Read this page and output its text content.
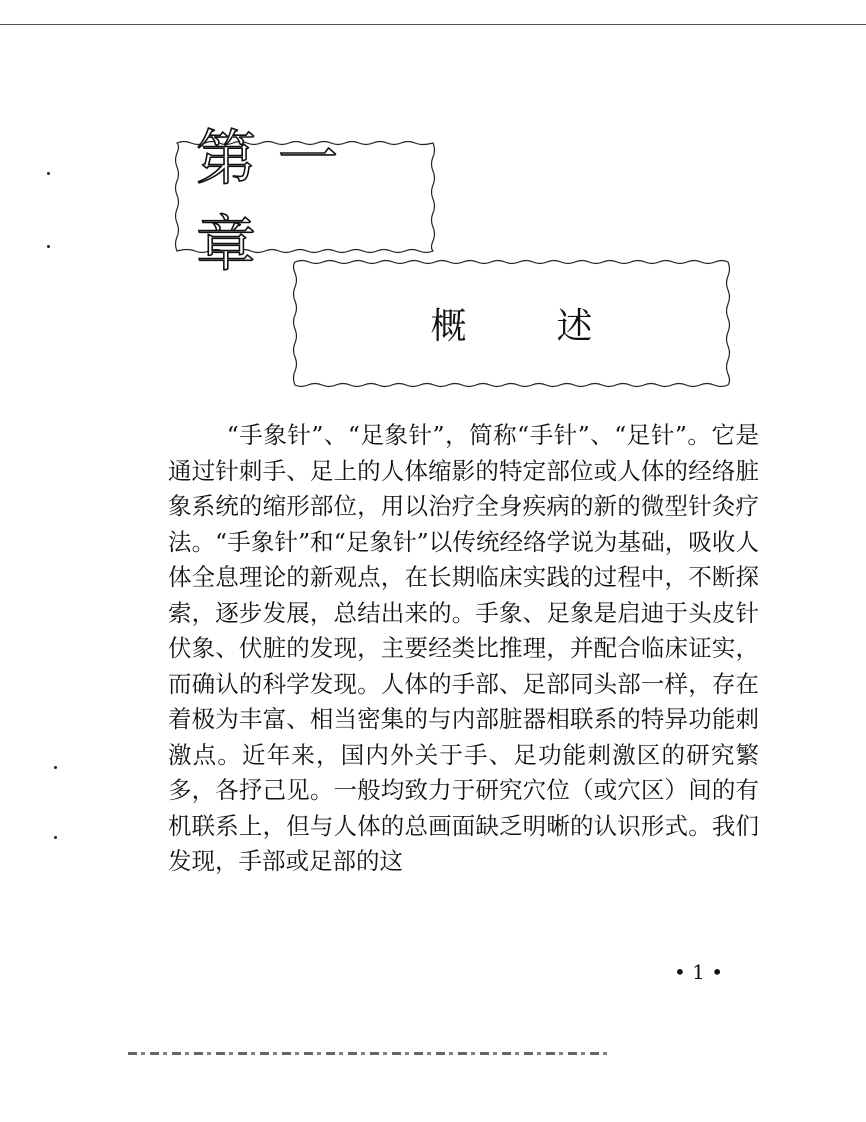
概述
第一章

“手象针”、“足象针”，简称“手针”、“足针”。它是通过针刺手、足上的人体缩影的特定部位或人体的经络脏象系统的缩形部位，用以治疗全身疾病的新的微型针灸疗法。“手象针”和“足象针”以传统经络学说为基础，吸收人体全息理论的新观点，在长期临床实践的过程中，不断探索，逐步发展，总结出来的。手象、足象是启迪于头皮针伏象、伏脏的发现，主要经类比推理，并配合临床证实，而确认的科学发现。人体的手部、足部同头部一样，存在着极为丰富、相当密集的与内部脏器相联系的特异功能刺激点。近年来，国内外关于手、足功能刺激区的研究繁多，各抒己见。一般均致力于研究穴位（或穴区）间的有机联系上，但与人体的总画面缺乏明晰的认识形式。我们发现，手部或足部的这

• 1 •
